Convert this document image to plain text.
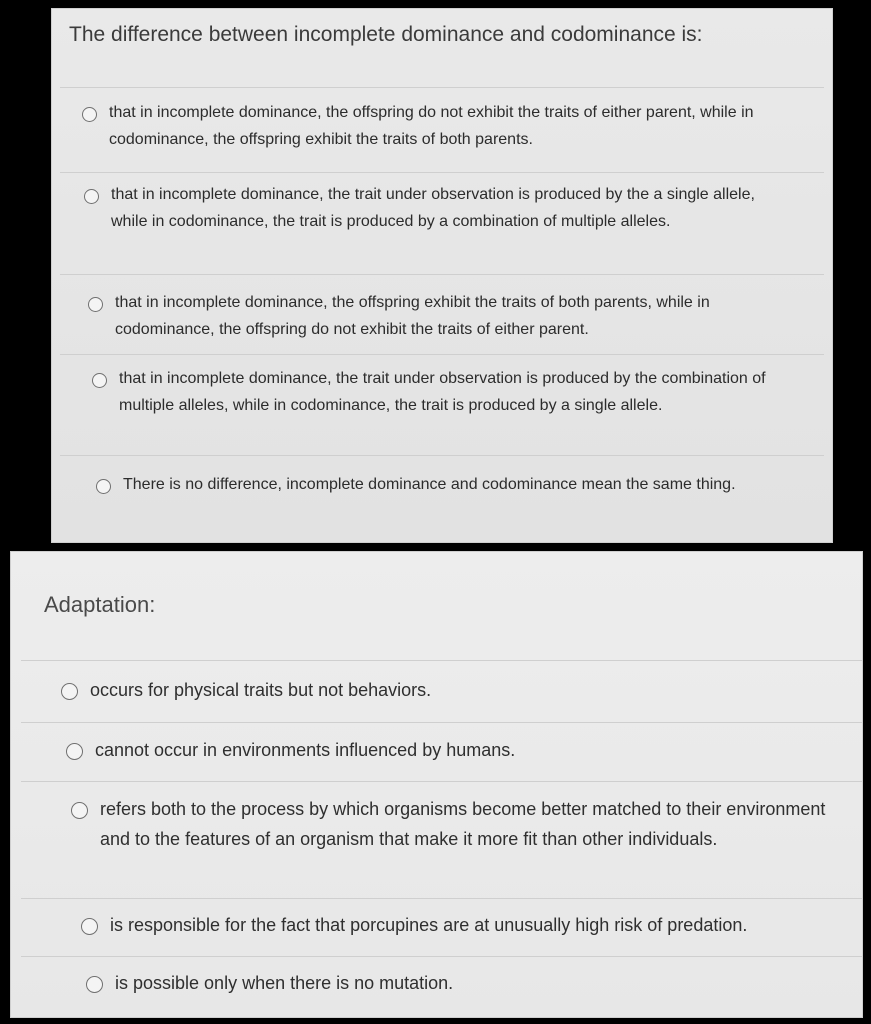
The difference between incomplete dominance and codominance is:
that in incomplete dominance, the offspring do not exhibit the traits of either parent, while in codominance, the offspring exhibit the traits of both parents.
that in incomplete dominance, the trait under observation is produced by the a single allele, while in codominance, the trait is produced by a combination of multiple alleles.
that in incomplete dominance, the offspring exhibit the traits of both parents, while in codominance, the offspring do not exhibit the traits of either parent.
that in incomplete dominance, the trait under observation is produced by the combination of multiple alleles, while in codominance, the trait is produced by a single allele.
There is no difference, incomplete dominance and codominance mean the same thing.
Adaptation:
occurs for physical traits but not behaviors.
cannot occur in environments influenced by humans.
refers both to the process by which organisms become better matched to their environment and to the features of an organism that make it more fit than other individuals.
is responsible for the fact that porcupines are at unusually high risk of predation.
is possible only when there is no mutation.
